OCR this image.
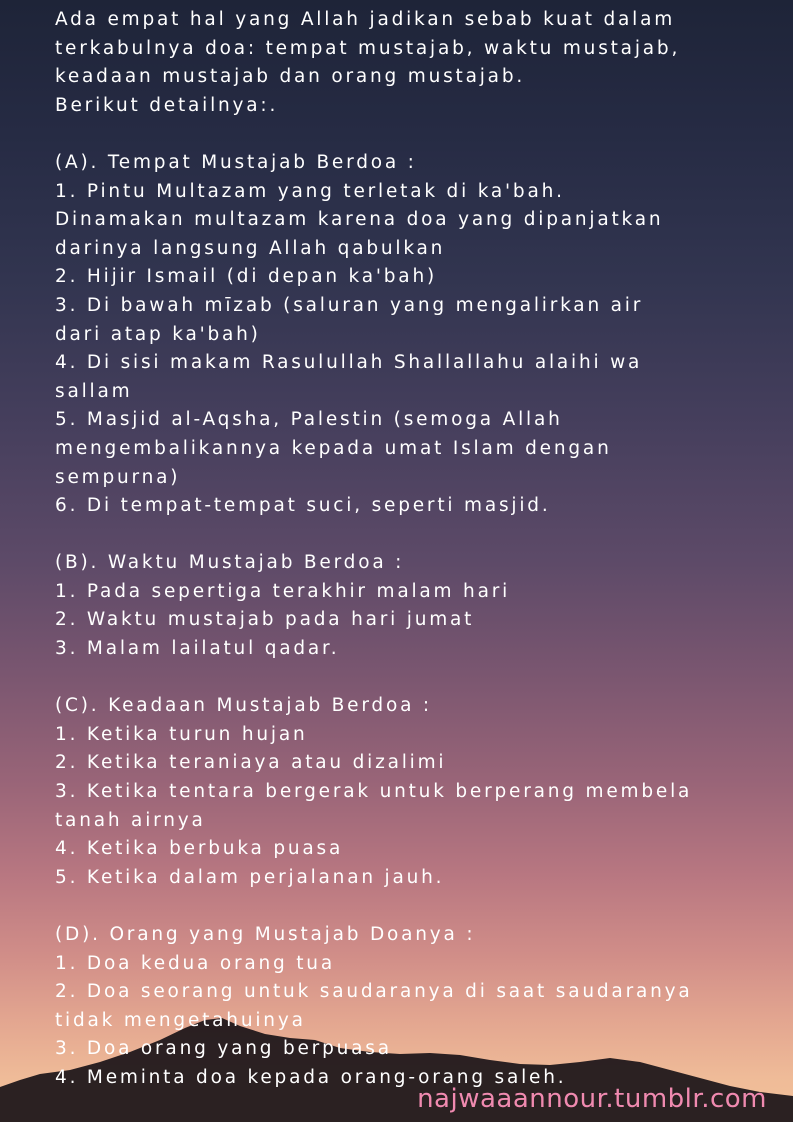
Ada empat hal yang Allah jadikan sebab kuat dalam
terkabulnya doa: tempat mustajab, waktu mustajab,
keadaan mustajab dan orang mustajab.
Berikut detailnya:.
(A). Tempat Mustajab Berdoa :
1. Pintu Multazam yang terletak di ka'bah.
Dinamakan multazam karena doa yang dipanjatkan
darinya langsung Allah qabulkan
2. Hijir Ismail (di depan ka'bah)
3. Di bawah mīzab (saluran yang mengalirkan air
dari atap ka'bah)
4. Di sisi makam Rasulullah Shallallahu alaihi wa
sallam
5. Masjid al-Aqsha, Palestin (semoga Allah
mengembalikannya kepada umat Islam dengan
sempurna)
6. Di tempat-tempat suci, seperti masjid.
(B). Waktu Mustajab Berdoa :
1. Pada sepertiga terakhir malam hari
2. Waktu mustajab pada hari jumat
3. Malam lailatul qadar.
(C). Keadaan Mustajab Berdoa :
1. Ketika turun hujan
2. Ketika teraniaya atau dizalimi
3. Ketika tentara bergerak untuk berperang membela
tanah airnya
4. Ketika berbuka puasa
5. Ketika dalam perjalanan jauh.
(D). Orang yang Mustajab Doanya :
1. Doa kedua orang tua
2. Doa seorang untuk saudaranya di saat saudaranya
tidak mengetahuinya
3. Doa orang yang berpuasa
4. Meminta doa kepada orang-orang saleh.
najwaaannour.tumblr.com
